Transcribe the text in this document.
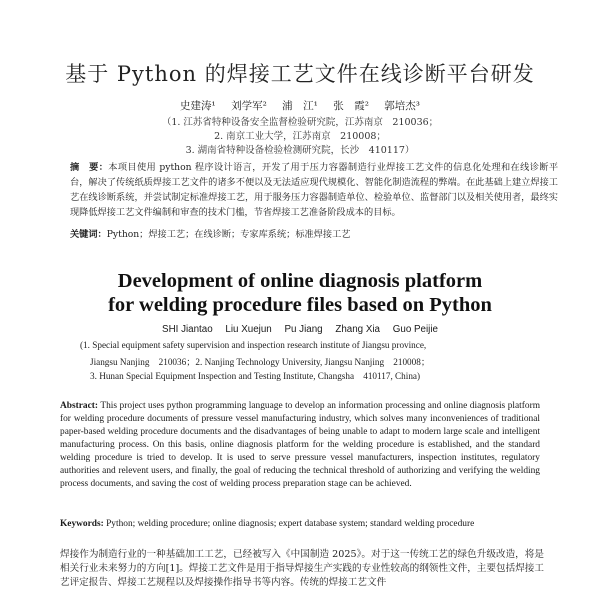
基于 Python 的焊接工艺文件在线诊断平台研发
史建涛¹ 刘学军² 浦　江¹ 张　霞² 郭培杰³
（1. 江苏省特种设备安全监督检验研究院，江苏南京　210036；
2. 南京工业大学，江苏南京　210008；
3. 湖南省特种设备检验检测研究院，长沙　410117）
摘　要：本项目使用 python 程序设计语言，开发了用于压力容器制造行业焊接工艺文件的信息化处理和在线诊断平台，解决了传统纸质焊接工艺文件的诸多不便以及无法适应现代规模化、智能化制造流程的弊端。在此基础上建立焊接工艺在线诊断系统，并尝试制定标准焊接工艺，用于服务压力容器制造单位、检验单位、监督部门以及相关使用者，最终实现降低焊接工艺文件编制和审查的技术门槛，节省焊接工艺准备阶段成本的目标。
关键词：Python；焊接工艺；在线诊断；专家库系统；标准焊接工艺
Development of online diagnosis platform
for welding procedure files based on Python
SHI Jiantao Liu Xuejun Pu Jiang Zhang Xia Guo Peijie
(1. Special equipment safety supervision and inspection research institute of Jiangsu province,
Jiangsu Nanjing　210036；2. Nanjing Technology University, Jiangsu Nanjing　210008；
3. Hunan Special Equipment Inspection and Testing Institute, Changsha　410117, China)
Abstract: This project uses python programming language to develop an information processing and online diagnosis platform for welding procedure documents of pressure vessel manufacturing industry, which solves many inconveniences of traditional paper-based welding procedure documents and the disadvantages of being unable to adapt to modern large scale and intelligent manufacturing process. On this basis, online diagnosis platform for the welding procedure is established, and the standard welding procedure is tried to develop. It is used to serve pressure vessel manufacturers, inspection institutes, regulatory authorities and relevent users, and finally, the goal of reducing the technical threshold of authorizing and verifying the welding process documents, and saving the cost of welding process preparation stage can be achieved.
Keywords: Python; welding procedure; online diagnosis; expert database system; standard welding procedure
焊接作为制造行业的一种基础加工工艺，已经被写入《中国制造 2025》。对于这一传统工艺的绿色升级改造，将是相关行业未来努力的方向[1]。焊接工艺文件是用于指导焊接生产实践的专业性较高的纲领性文件，主要包括焊接工艺评定报告、焊接工艺规程以及焊接操作指导书等内容。传统的焊接工艺文件
